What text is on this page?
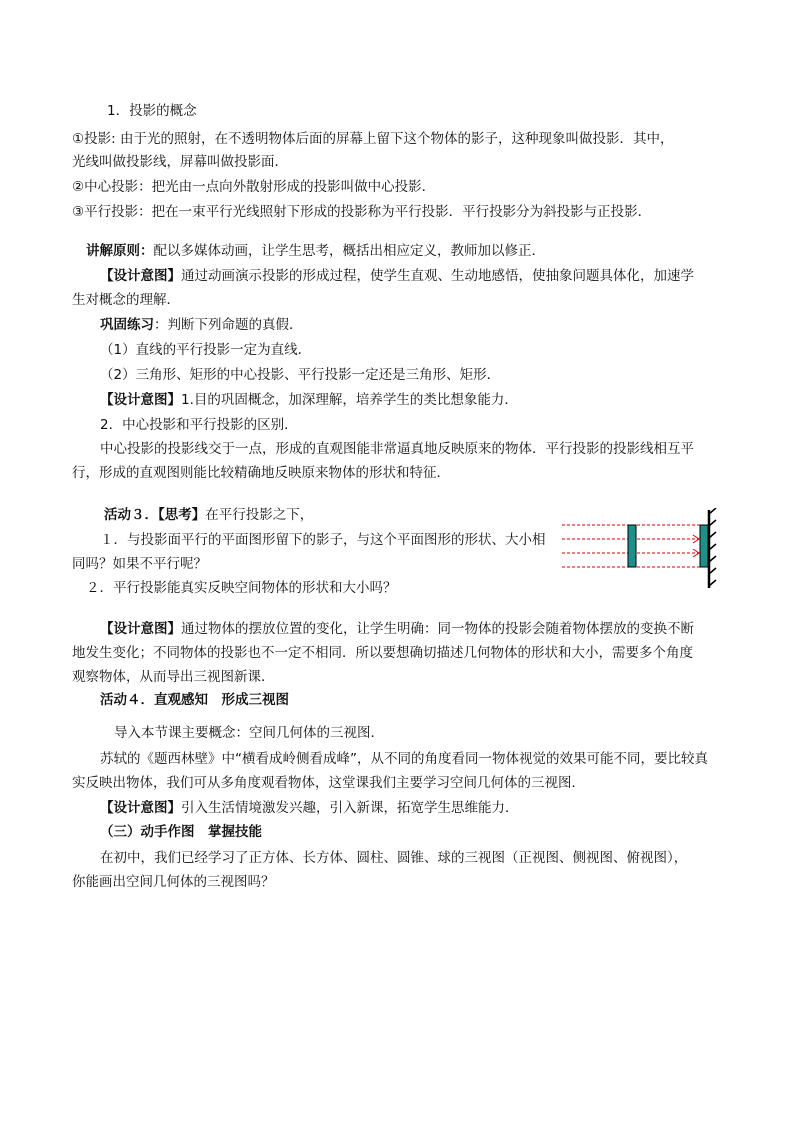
1．投影的概念
①投影: 由于光的照射，在不透明物体后面的屏幕上留下这个物体的影子，这种现象叫做投影．其中，
光线叫做投影线，屏幕叫做投影面．
②中心投影：把光由一点向外散射形成的投影叫做中心投影．
③平行投影：把在一束平行光线照射下形成的投影称为平行投影．平行投影分为斜投影与正投影．
讲解原则：配以多媒体动画，让学生思考，概括出相应定义，教师加以修正．
【设计意图】通过动画演示投影的形成过程，使学生直观、生动地感悟，使抽象问题具体化，加速学
生对概念的理解．
巩固练习：判断下列命题的真假．
（1）直线的平行投影一定为直线．
（2）三角形、矩形的中心投影、平行投影一定还是三角形、矩形．
【设计意图】1.目的巩固概念，加深理解，培养学生的类比想象能力．
2．中心投影和平行投影的区别．
中心投影的投影线交于一点，形成的直观图能非常逼真地反映原来的物体．平行投影的投影线相互平
行，形成的直观图则能比较精确地反映原来物体的形状和特征．
活动３．【思考】在平行投影之下，
１．与投影面平行的平面图形留下的影子，与这个平面图形的形状、大小相
同吗？如果不平行呢？
２．平行投影能真实反映空间物体的形状和大小吗？
【设计意图】通过物体的摆放位置的变化，让学生明确：同一物体的投影会随着物体摆放的变换不断
地发生变化；不同物体的投影也不一定不相同．所以要想确切描述几何物体的形状和大小，需要多个角度
观察物体，从而导出三视图新课．
活动４．直观感知　形成三视图
导入本节课主要概念：空间几何体的三视图．
苏轼的《题西林壁》中“横看成岭侧看成峰”，从不同的角度看同一物体视觉的效果可能不同，要比较真
实反映出物体，我们可从多角度观看物体，这堂课我们主要学习空间几何体的三视图．
【设计意图】引入生活情境激发兴趣，引入新课，拓宽学生思维能力．
（三）动手作图　掌握技能
在初中，我们已经学习了正方体、长方体、圆柱、圆锥、球的三视图（正视图、侧视图、俯视图），
你能画出空间几何体的三视图吗？
